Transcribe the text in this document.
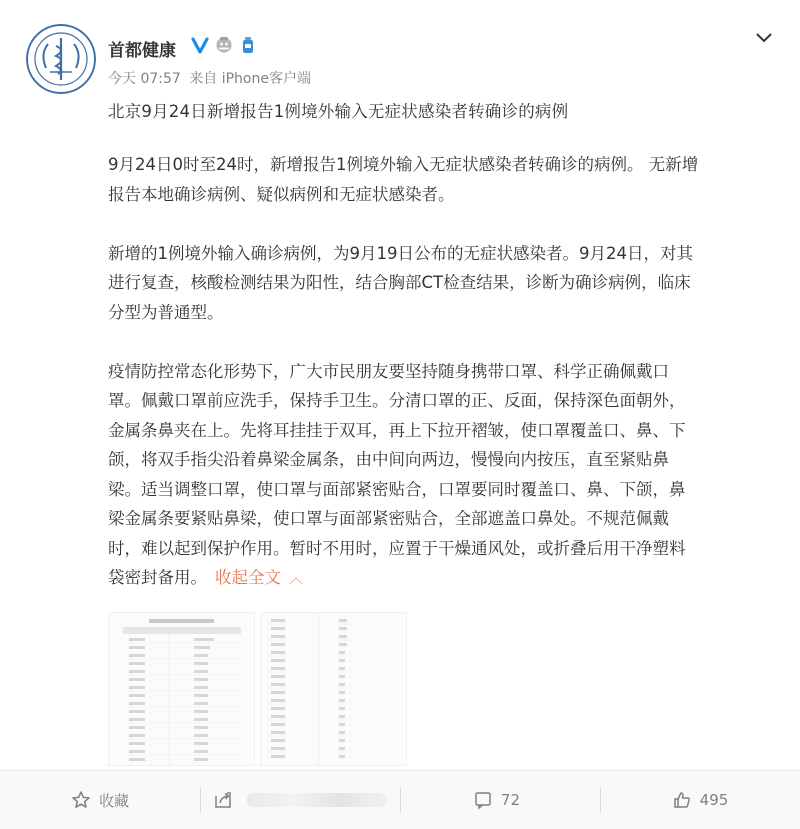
首都健康
今天 07:57 来自 iPhone客户端
北京9月24日新增报告1例境外输入无症状感染者转确诊的病例

9月24日0时至24时，新增报告1例境外输入无症状感染者转确诊的病例。 无新增
报告本地确诊病例、疑似病例和无症状感染者。

新增的1例境外输入确诊病例，为9月19日公布的无症状感染者。9月24日，对其
进行复查，核酸检测结果为阳性，结合胸部CT检查结果，诊断为确诊病例，临床
分型为普通型。

疫情防控常态化形势下，广大市民朋友要坚持随身携带口罩、科学正确佩戴口
罩。佩戴口罩前应洗手，保持手卫生。分清口罩的正、反面，保持深色面朝外，
金属条鼻夹在上。先将耳挂挂于双耳，再上下拉开褶皱，使口罩覆盖口、鼻、下
颌，将双手指尖沿着鼻梁金属条，由中间向两边，慢慢向内按压，直至紧贴鼻
梁。适当调整口罩，使口罩与面部紧密贴合，口罩要同时覆盖口、鼻、下颌，鼻
梁金属条要紧贴鼻梁，使口罩与面部紧密贴合，全部遮盖口鼻处。不规范佩戴
时，难以起到保护作用。暂时不用时，应置于干燥通风处，或折叠后用干净塑料
袋密封备用。 收起全文 ︿

收藏	72	495
